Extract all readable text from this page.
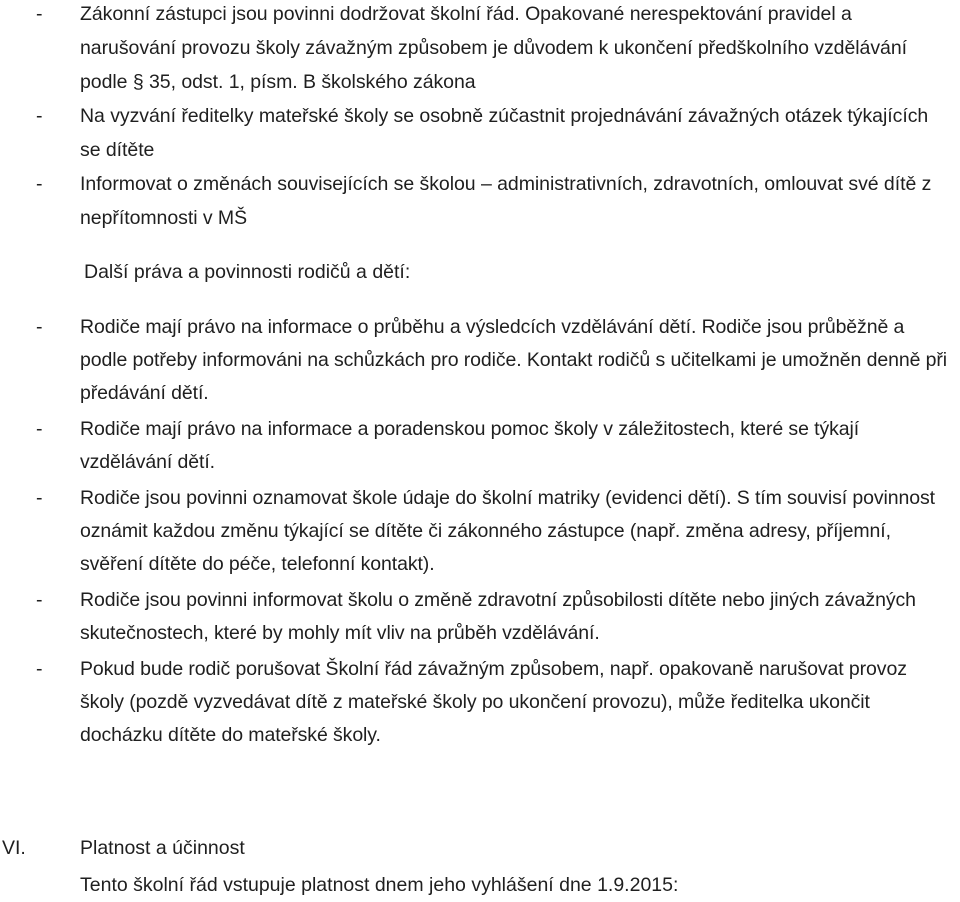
- Zákonní zástupci jsou povinni dodržovat školní řád. Opakované nerespektování pravidel a narušování provozu školy závažným způsobem je důvodem k ukončení předškolního vzdělávání podle § 35, odst. 1, písm. B školského zákona
- Na vyzvání ředitelky mateřské školy se osobně zúčastnit projednávání závažných otázek týkajících se dítěte
- Informovat o změnách souvisejících se školou – administrativních, zdravotních, omlouvat své dítě z nepřítomnosti v MŠ
Další práva a povinnosti rodičů a dětí:
- Rodiče mají právo na informace o průběhu a výsledcích vzdělávání dětí. Rodiče jsou průběžně a podle potřeby informováni na schůzkách pro rodiče. Kontakt rodičů s učitelkami je umožněn denně při předávání dětí.
- Rodiče mají právo na informace a poradenskou pomoc školy v záležitostech, které se týkají vzdělávání dětí.
- Rodiče jsou povinni oznamovat škole údaje do školní matriky (evidenci dětí). S tím souvisí povinnost oznámit každou změnu týkající se dítěte či zákonného zástupce (např. změna adresy, příjemní, svěření dítěte do péče, telefonní kontakt).
- Rodiče jsou povinni informovat školu o změně zdravotní způsobilosti dítěte nebo jiných závažných skutečnostech, které by mohly mít vliv na průběh vzdělávání.
- Pokud bude rodič porušovat Školní řád závažným způsobem, např. opakovaně narušovat provoz školy (pozdě vyzvedávat dítě z mateřské školy po ukončení provozu), může ředitelka ukončit docházku dítěte do mateřské školy.
VI.	Platnost a účinnost
Tento školní řád vstupuje platnost dnem jeho vyhlášení dne 1.9.2015:
